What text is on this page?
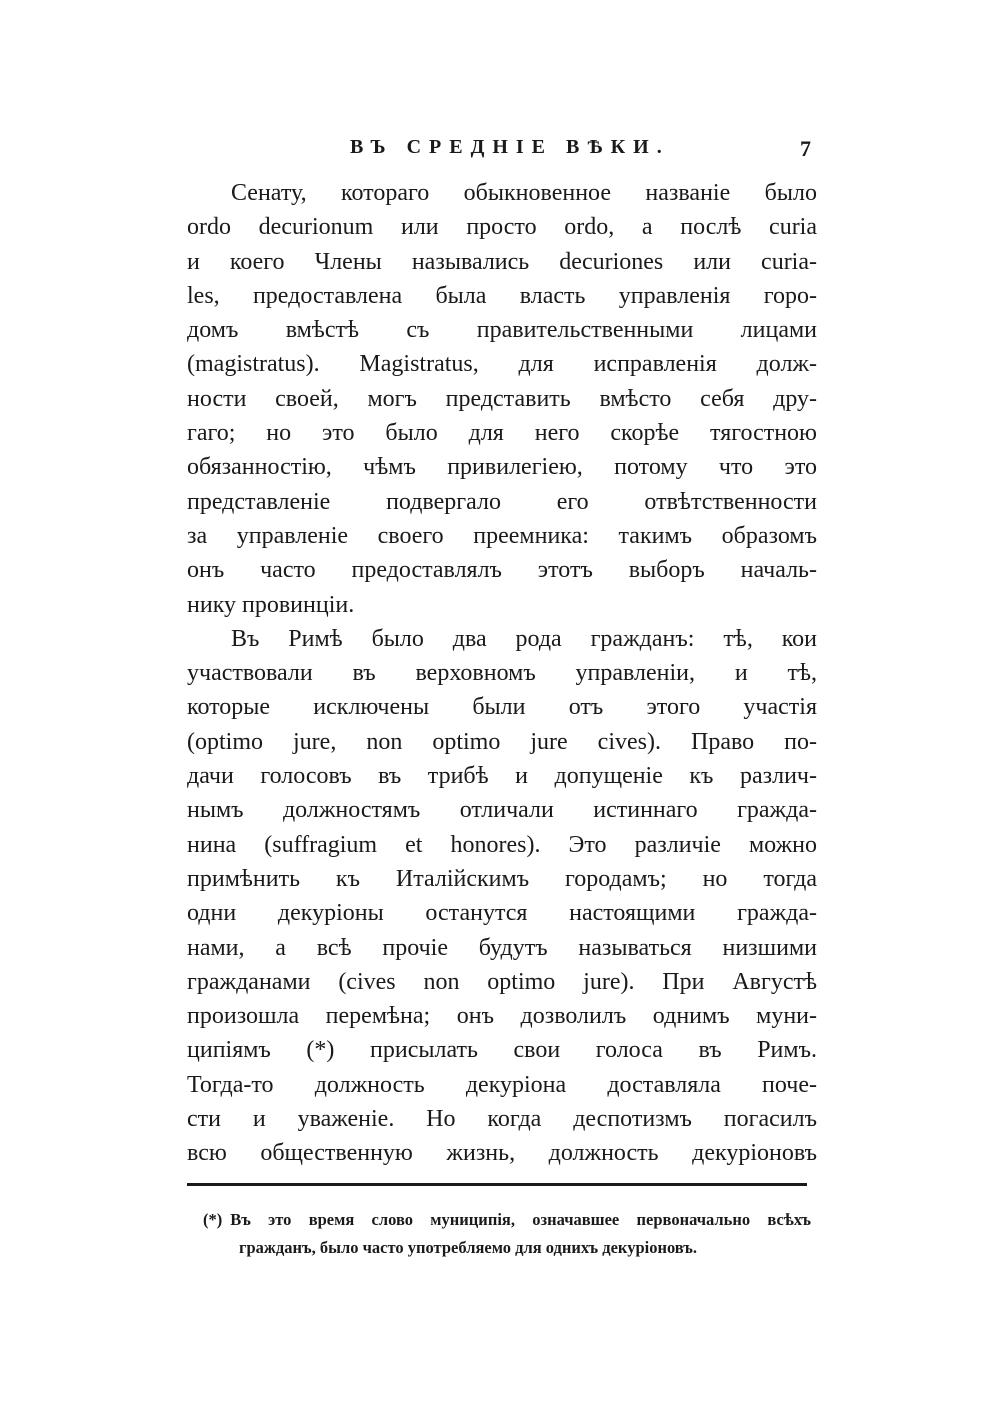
ВЪ СРЕДНІЕ ВѢКИ.	7
Сенату, котораго обыкновенное названіе было
ordo decurionum или просто ordo, а послѣ curia
и коего Члены назывались decuriones или curia-
les, предоставлена была власть управленія горо-
домъ вмѣстѣ съ правительственными лицами
(magistratus). Magistratus, для исправленія долж-
ности своей, могъ представить вмѣсто себя дру-
гаго; но это было для него скорѣе тягостною
обязанностію, чѣмъ привилегіею, потому что это
представленіе подвергало его отвѣтственности
за управленіе своего преемника: такимъ образомъ
онъ часто предоставлялъ этотъ выборъ началь-
нику провинціи.
Въ Римѣ было два рода гражданъ: тѣ, кои
участвовали въ верховномъ управленіи, и тѣ,
которые исключены были отъ этого участія
(optimo jure, non optimo jure cives). Право по-
дачи голосовъ въ трибѣ и допущеніе къ различ-
нымъ должностямъ отличали истиннаго гражда-
нина (suffragium et honores). Это различіе можно
примѣнить къ Италійскимъ городамъ; но тогда
одни декуріоны останутся настоящими гражда-
нами, а всѣ прочіе будутъ называться низшими
гражданами (cives non optimo jure). При Августѣ
произошла перемѣна; онъ дозволилъ однимъ муни-
ципіямъ (*) присылать свои голоса въ Римъ.
Тогда-то должность декуріона доставляла поче-
сти и уваженіе. Но когда деспотизмъ погасилъ
всю общественную жизнь, должность декуріоновъ
(*) Въ это время слово муниципія, означавшее первоначально всѣхъ
гражданъ, было часто употребляемо для однихъ декуріоновъ.
